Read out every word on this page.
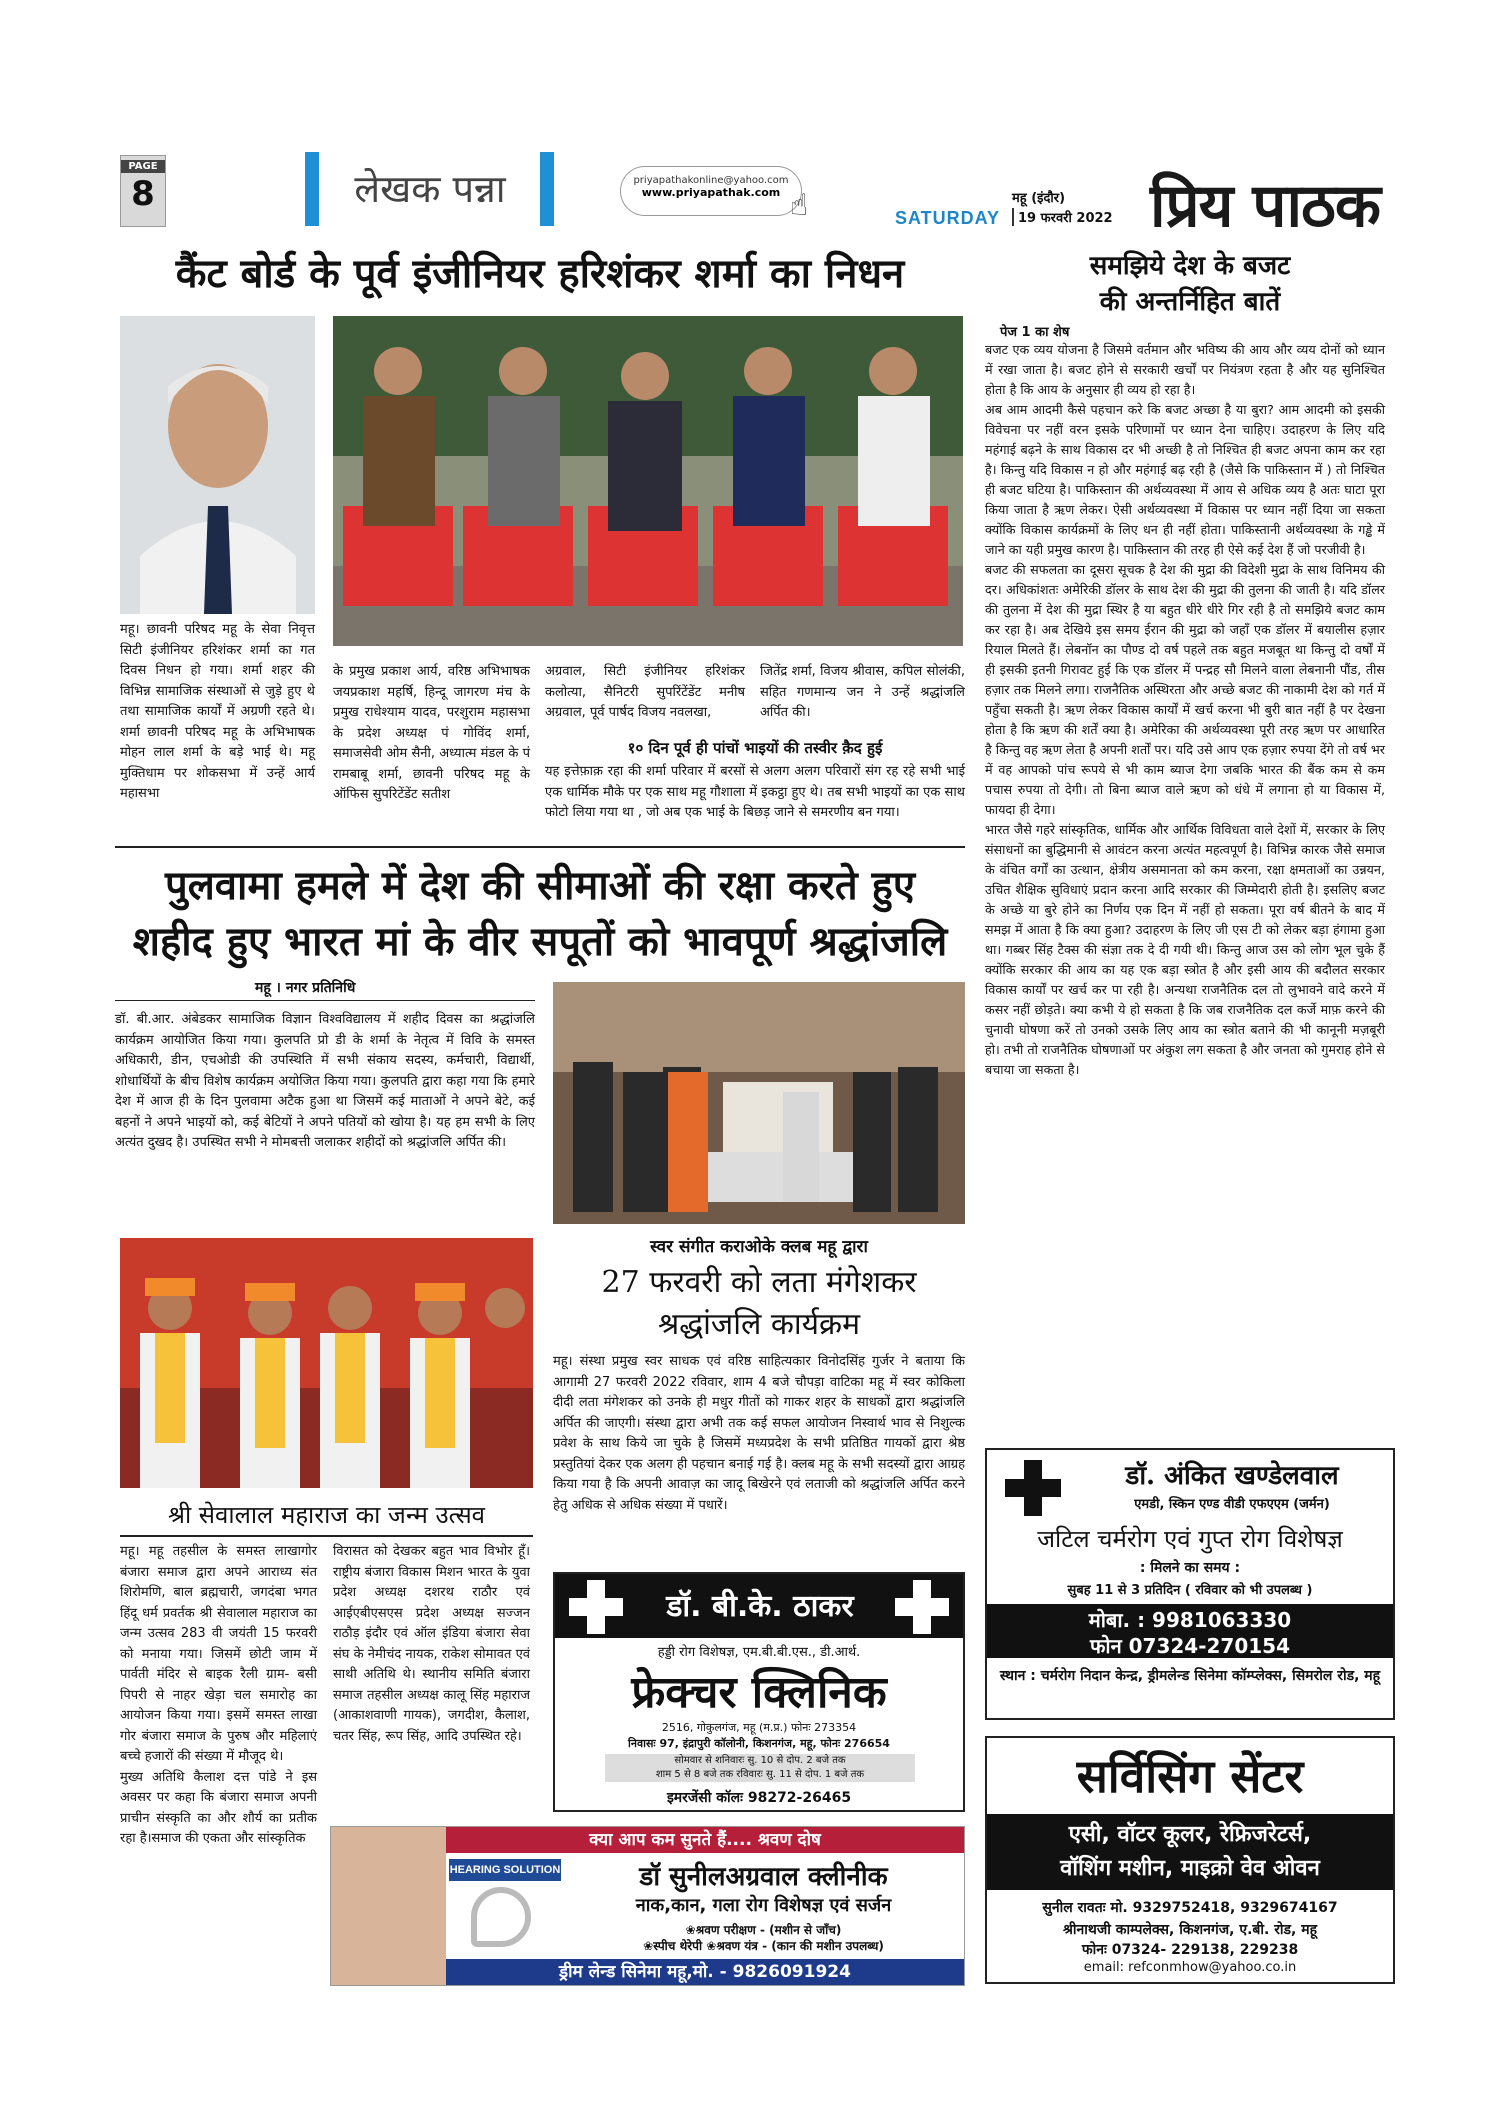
PAGE
8	लेखक पन्ना	priyapathakonline@yahoo.com
www.priyapathak.com ☝	SATURDAY
महू (इंदौर)
19 फरवरी 2022 प्रिय पाठक
कैंट बोर्ड के पूर्व इंजीनियर हरिशंकर शर्मा का निधन
महू। छावनी परिषद महू के सेवा निवृत्त सिटी इंजीनियर हरिशंकर शर्मा का गत दिवस निधन हो गया। शर्मा शहर की विभिन्न सामाजिक संस्थाओं से जुड़े हुए थे तथा सामाजिक कार्यों में अग्रणी रहते थे। शर्मा छावनी परिषद महू के अभिभाषक मोहन लाल शर्मा के बड़े भाई थे। महू मुक्तिधाम पर शोकसभा में उन्हें आर्य महासभा
के प्रमुख प्रकाश आर्य, वरिष्ठ अभिभाषक जयप्रकाश महर्षि, हिन्दू जागरण मंच के प्रमुख राधेश्याम यादव, परशुराम महासभा के प्रदेश अध्यक्ष पं गोविंद शर्मा, समाजसेवी ओम सैनी, अध्यात्म मंडल के पं रामबाबू शर्मा, छावनी परिषद महू के ऑफिस सुपरिटेंडेंट सतीश
अग्रवाल, सिटी इंजीनियर हरिशंकर कलोत्या, सैनिटरी सुपरिंटेंडेंट मनीष अग्रवाल, पूर्व पार्षद विजय नवलखा,
जितेंद्र शर्मा, विजय श्रीवास, कपिल सोलंकी, सहित गणमान्य जन ने उन्हें श्रद्धांजलि अर्पित की।
१० दिन पूर्व ही पांचों भाइयों की तस्वीर क़ैद हुई
यह इत्तेफ़ाक़ रहा की शर्मा परिवार में बरसों से अलग अलग परिवारों संग रह रहे सभी भाई एक धार्मिक मौके पर एक साथ महू गौशाला में इकट्ठा हुए थे। तब सभी भाइयों का एक साथ फोटो लिया गया था , जो अब एक भाई के बिछड़ जाने से समरणीय बन गया।
पुलवामा हमले में देश की सीमाओं की रक्षा करते हुए
शहीद हुए भारत मां के वीर सपूतों को भावपूर्ण श्रद्धांजलि
महू । नगर प्रतिनिधि
डॉ. बी.आर. अंबेडकर सामाजिक विज्ञान विश्वविद्यालय में शहीद दिवस का श्रद्धांजलि कार्यक्रम आयोजित किया गया। कुलपति प्रो डी के शर्मा के नेतृत्व में विवि के समस्त अधिकारी, डीन, एचओडी की उपस्थिति में सभी संकाय सदस्य, कर्मचारी, विद्यार्थी, शोधार्थियों के बीच विशेष कार्यक्रम अयोजित किया गया। कुलपति द्वारा कहा गया कि हमारे देश में आज ही के दिन पुलवामा अटैक हुआ था जिसमें कई माताओं ने अपने बेटे, कई बहनों ने अपने भाइयों को, कई बेटियों ने अपने पतियों को खोया है। यह हम सभी के लिए अत्यंत दुखद है। उपस्थित सभी ने मोमबत्ती जलाकर शहीदों को श्रद्धांजलि अर्पित की।
स्वर संगीत कराओके क्लब महू द्वारा
27 फरवरी को लता मंगेशकर
श्रद्धांजलि कार्यक्रम
महू। संस्था प्रमुख स्वर साधक एवं वरिष्ठ साहित्यकार विनोदसिंह गुर्जर ने बताया कि आगामी 27 फरवरी 2022 रविवार, शाम 4 बजे चौपड़ा वाटिका महू में स्वर कोकिला दीदी लता मंगेशकर को उनके ही मधुर गीतों को गाकर शहर के साधकों द्वारा श्रद्धांजलि अर्पित की जाएगी। संस्था द्वारा अभी तक कई सफल आयोजन निस्वार्थ भाव से निशुल्क प्रवेश के साथ किये जा चुके है जिसमें मध्यप्रदेश के सभी प्रतिष्ठित गायकों द्वारा श्रेष्ठ प्रस्तुतियां देकर एक अलग ही पहचान बनाई गई है। क्लब महू के सभी सदस्यों द्वारा आग्रह किया गया है कि अपनी आवाज़ का जादू बिखेरने एवं लताजी को श्रद्धांजलि अर्पित करने हेतु अधिक से अधिक संख्या में पधारें।
श्री सेवालाल महाराज का जन्म उत्सव
महू। महू तहसील के समस्त लाखागोर बंजारा समाज द्वारा अपने आराध्य संत शिरोमणि, बाल ब्रह्मचारी, जगदंबा भगत हिंदू धर्म प्रवर्तक श्री सेवालाल महाराज का जन्म उत्सव 283 वी जयंती 15 फरवरी को मनाया गया। जिसमें छोटी जाम में पार्वती मंदिर से बाइक रैली ग्राम- बसी पिपरी से नाहर खेड़ा चल समारोह का आयोजन किया गया। इसमें समस्त लाखा गोर बंजारा समाज के पुरुष और महिलाएं बच्चे हजारों की संख्या में मौजूद थे।
मुख्य अतिथि कैलाश दत्त पांडे ने इस अवसर पर कहा कि बंजारा समाज अपनी प्राचीन संस्कृति का और शौर्य का प्रतीक रहा है।समाज की एकता और सांस्कृतिक
विरासत को देखकर बहुत भाव विभोर हूँ। राष्ट्रीय बंजारा विकास मिशन भारत के युवा प्रदेश अध्यक्ष दशरथ राठौर एवं आईएबीएसएस प्रदेश अध्यक्ष सज्जन राठौड़ इंदौर एवं ऑल इंडिया बंजारा सेवा संघ के नेमीचंद नायक, राकेश सोमावत एवं साथी अतिथि थे। स्थानीय समिति बंजारा समाज तहसील अध्यक्ष कालू सिंह महाराज (आकाशवाणी गायक), जगदीश, कैलाश, चतर सिंह, रूप सिंह, आदि उपस्थित रहे।
डॉ. बी.के. ठाकर
हड्डी रोग विशेषज्ञ, एम.बी.बी.एस., डी.आर्थ.
फ्रेक्चर क्लिनिक
2516, गोकुलगंज, महू (म.प्र.) फोनः 273354
निवासः 97, इंद्रापुरी कॉलोनी, किशनगंज, महू, फोनः 276654
सोमवार से शनिवारः सु. 10 से दोप. 2 बजे तक
शाम 5 से 8 बजे तक रविवारः सु. 11 से दोप. 1 बजे तक
इमरजेंसी कॉलः 98272-26465
क्या आप कम सुनते हैं.... श्रवण दोष
HEARING SOLUTION	डॉ सुनीलअग्रवाल क्लीनीक
नाक,कान, गला रोग विशेषज्ञ एवं सर्जन
❀श्रवण परीक्षण - (मशीन से जाँच)
❀स्पीच थेरेपी ❀श्रवण यंत्र - (कान की मशीन उपलब्ध)
ड्रीम लेन्ड सिनेमा महू,मो. - 9826091924
समझिये देश के बजट
की अन्तर्निहित बातें
पेज 1 का शेष
बजट एक व्यय योजना है जिसमे वर्तमान और भविष्य की आय और व्यय दोनों को ध्यान में रखा जाता है। बजट होने से सरकारी खर्चों पर नियंत्रण रहता है और यह सुनिश्चित होता है कि आय के अनुसार ही व्यय हो रहा है।
अब आम आदमी कैसे पहचान करे कि बजट अच्छा है या बुरा? आम आदमी को इसकी विवेचना पर नहीं वरन इसके परिणामों पर ध्यान देना चाहिए। उदाहरण के लिए यदि महंगाई बढ़ने के साथ विकास दर भी अच्छी है तो निश्चित ही बजट अपना काम कर रहा है। किन्तु यदि विकास न हो और महंगाई बढ़ रही है (जैसे कि पाकिस्तान में ) तो निश्चित ही बजट घटिया है। पाकिस्तान की अर्थव्यवस्था में आय से अधिक व्यय है अतः घाटा पूरा किया जाता है ऋण लेकर। ऐसी अर्थव्यवस्था में विकास पर ध्यान नहीं दिया जा सकता क्योंकि विकास कार्यक्रमों के लिए धन ही नहीं होता। पाकिस्तानी अर्थव्यवस्था के गड्ढे में जाने का यही प्रमुख कारण है। पाकिस्तान की तरह ही ऐसे कई देश हैं जो परजीवी है।
बजट की सफलता का दूसरा सूचक है देश की मुद्रा की विदेशी मुद्रा के साथ विनिमय की दर। अधिकांशतः अमेरिकी डॉलर के साथ देश की मुद्रा की तुलना की जाती है। यदि डॉलर की तुलना में देश की मुद्रा स्थिर है या बहुत धीरे धीरे गिर रही है तो समझिये बजट काम कर रहा है। अब देखिये इस समय ईरान की मुद्रा को जहाँ एक डॉलर में बयालीस हज़ार रियाल मिलते हैं। लेबनॉन का पौण्ड दो वर्ष पहले तक बहुत मजबूत था किन्तु दो वर्षों में ही इसकी इतनी गिरावट हुई कि एक डॉलर में पन्द्रह सौ मिलने वाला लेबनानी पौंड, तीस हज़ार तक मिलने लगा। राजनैतिक अस्थिरता और अच्छे बजट की नाकामी देश को गर्त में पहुँचा सकती है। ऋण लेकर विकास कार्यों में खर्च करना भी बुरी बात नहीं है पर देखना होता है कि ऋण की शर्तें क्या है। अमेरिका की अर्थव्यवस्था पूरी तरह ऋण पर आधारित है किन्तु वह ऋण लेता है अपनी शर्तों पर। यदि उसे आप एक हज़ार रुपया देंगे तो वर्ष भर में वह आपको पांच रूपये से भी काम ब्याज देगा जबकि भारत की बैंक कम से कम पचास रुपया तो देगी। तो बिना ब्याज वाले ऋण को धंधे में लगाना हो या विकास में, फायदा ही देगा।
भारत जैसे गहरे सांस्कृतिक, धार्मिक और आर्थिक विविधता वाले देशों में, सरकार के लिए संसाधनों का बुद्धिमानी से आवंटन करना अत्यंत महत्वपूर्ण है। विभिन्न कारक जैसे समाज के वंचित वर्गों का उत्थान, क्षेत्रीय असमानता को कम करना, रक्षा क्षमताओं का उन्नयन, उचित शैक्षिक सुविधाएं प्रदान करना आदि सरकार की जिम्मेदारी होती है। इसलिए बजट के अच्छे या बुरे होने का निर्णय एक दिन में नहीं हो सकता। पूरा वर्ष बीतने के बाद में समझ में आता है कि क्या हुआ? उदाहरण के लिए जी एस टी को लेकर बड़ा हंगामा हुआ था। गब्बर सिंह टैक्स की संज्ञा तक दे दी गयी थी। किन्तु आज उस को लोग भूल चुके हैं क्योंकि सरकार की आय का यह एक बड़ा स्त्रोत है और इसी आय की बदौलत सरकार विकास कार्यों पर खर्च कर पा रही है। अन्यथा राजनैतिक दल तो लुभावने वादे करने में कसर नहीं छोड़ते। क्या कभी ये हो सकता है कि जब राजनैतिक दल कर्जे माफ़ करने की चुनावी घोषणा करें तो उनको उसके लिए आय का स्त्रोत बताने की भी कानूनी मज़बूरी हो। तभी तो राजनैतिक घोषणाओं पर अंकुश लग सकता है और जनता को गुमराह होने से बचाया जा सकता है।
डॉ. अंकित खण्डेलवाल
एमडी, स्किन एण्ड वीडी एफएएम (जर्मन)
जटिल चर्मरोग एवं गुप्त रोग विशेषज्ञ
: मिलने का समय :
सुबह 11 से 3 प्रतिदिन ( रविवार को भी उपलब्ध )
मोबा. : 9981063330
फोन 07324-270154
स्थान : चर्मरोग निदान केन्द्र, ड्रीमलेन्ड सिनेमा कॉम्प्लेक्स, सिमरोल रोड, महू
सर्विसिंग सेंटर
एसी, वॉटर कूलर, रेफ्रिजरेटर्स,
वॉशिंग मशीन, माइक्रो वेव ओवन
सुनील रावतः मो. 9329752418, 9329674167
श्रीनाथजी काम्पलेक्स, किशनगंज, ए.बी. रोड, महू
फोनः 07324- 229138, 229238
email: refconmhow@yahoo.co.in
